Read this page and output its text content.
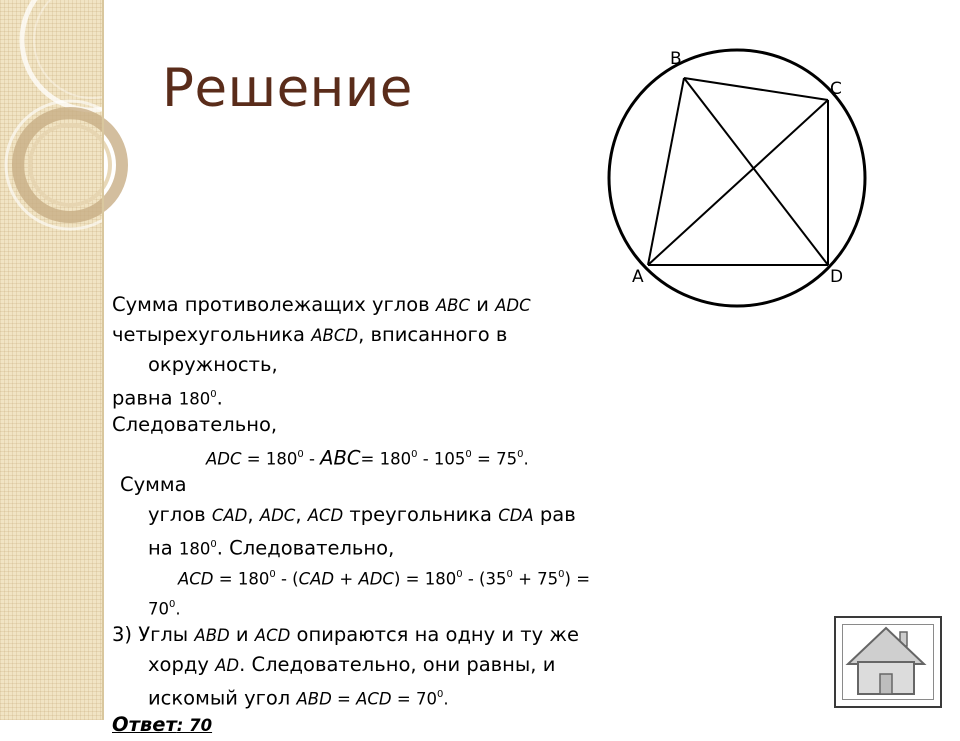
Решение	B
C
A	D
Сумма противолежащих углов ABC и ADC
четырехугольника ABCD, вписанного в
окружность,
равна $180^0$.
Следовательно,
ADC = $180^0 - ABC= 180^0 - 105^0 = 75^0$.
Сумма
углов CAD, ADC, ACD треугольника CDA рав
на $180^0$. Следовательно,
ACD = $180^0 - (CAD + ADC) = 180^0 - (35^0 + 75^0)$ =
$70^0$.
3) Углы ABD и ACD опираются на одну и ту же
хорду AD. Следовательно, они равны, и
искомый угол ABD = ACD = $70^0$.
Ответ: 70
